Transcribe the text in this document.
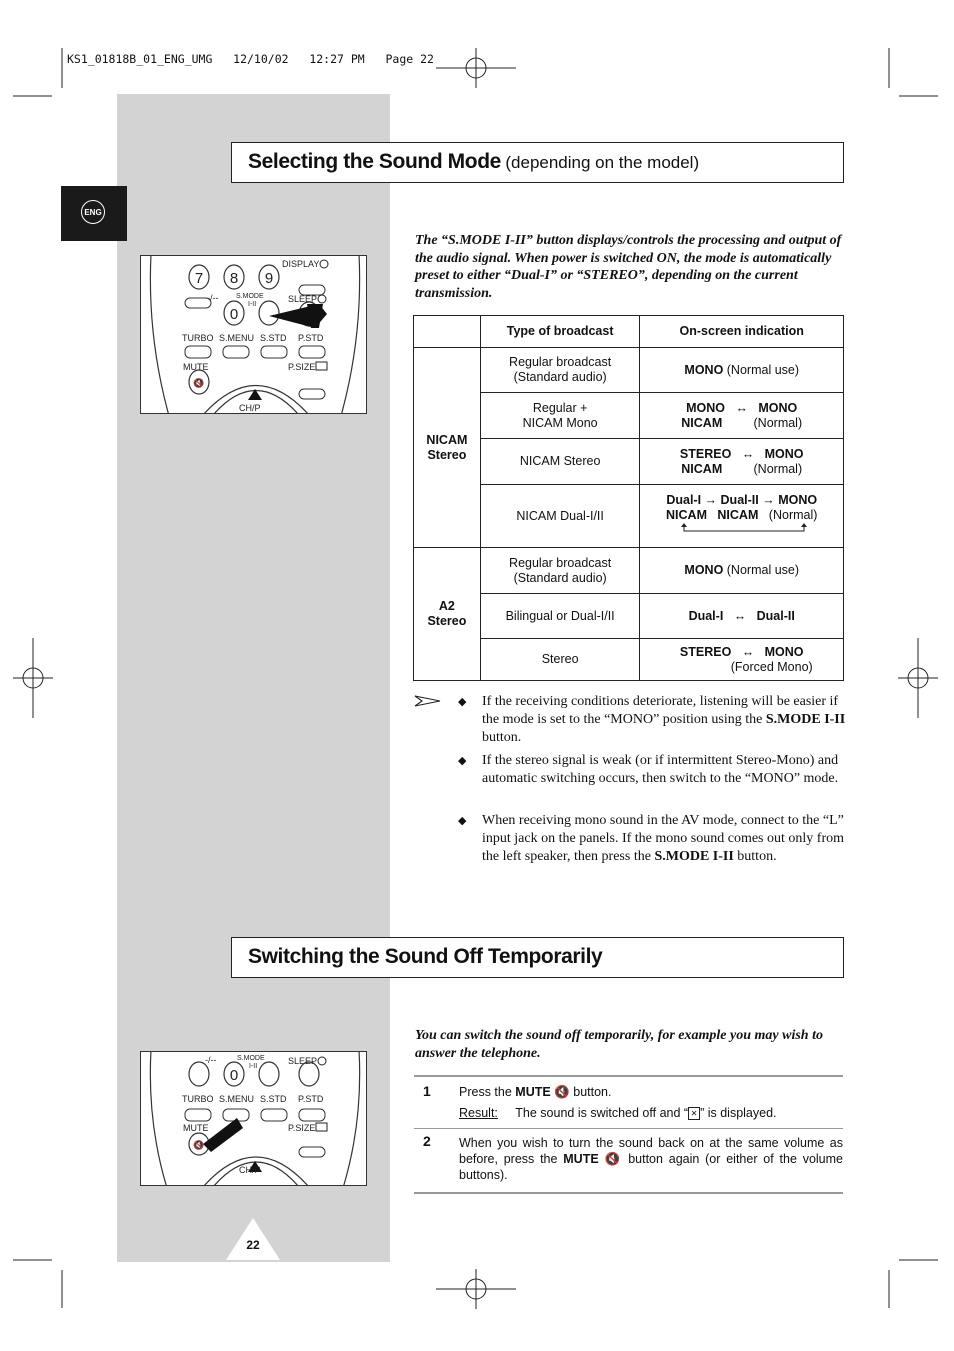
KS1_01818B_01_ENG_UMG   12/10/02   12:27 PM   Page 22
ENG
Selecting the Sound Mode (depending on the model)
7 8 9
0
DISPLAY
-/--	S.MODE
I-II
SLEEP
TURBO S.MENU S.STD P.STD
MUTE	P.SIZE
CH/P
🔇
The “S.MODE I-II” button displays/controls the processing and output of the audio signal. When power is switched ON, the mode is automatically preset to either “Dual-I” or “STEREO”, depending on the current transmission.
	Type of broadcast	On-screen indication
NICAM Stereo	Regular broadcast (Standard audio)	MONO (Normal use)
	Regular + NICAM Mono	MONO   ↔   MONO
NICAM (Normal)

	NICAM Stereo	STEREO   ↔   MONO
NICAM (Normal)

	NICAM Dual-I/II	Dual-I → Dual-II → MONO
NICAM NICAM (Normal)

A2 Stereo	Regular broadcast (Standard audio)	MONO (Normal use)
	Bilingual or Dual-I/II	Dual-I   ↔   Dual-II
	Stereo	STEREO   ↔   MONO
(Forced Mono)
◆ If the receiving conditions deteriorate, listening will be easier if the mode is set to the “MONO” position using the S.MODE I-II button.
◆ If the stereo signal is weak (or if intermittent Stereo-Mono) and automatic switching occurs, then switch to the “MONO” mode.
◆ When receiving mono sound in the AV mode, connect to the “L” input jack on the panels. If the mono sound comes out only from the left speaker, then press the S.MODE I-II button.
Switching the Sound Off Temporarily
0
-/--	S.MODE
I-II
SLEEP
TURBO S.MENU S.STD P.STD
MUTE	P.SIZE
CH/P
🔇
You can switch the sound off temporarily, for example you may wish to answer the telephone.
1 Press the MUTE 🔇 button.
Result: The sound is switched off and “ ✕ ” is displayed.
2 When you wish to turn the sound back on at the same volume as before, press the MUTE 🔇 button again (or either of the volume buttons).
22
